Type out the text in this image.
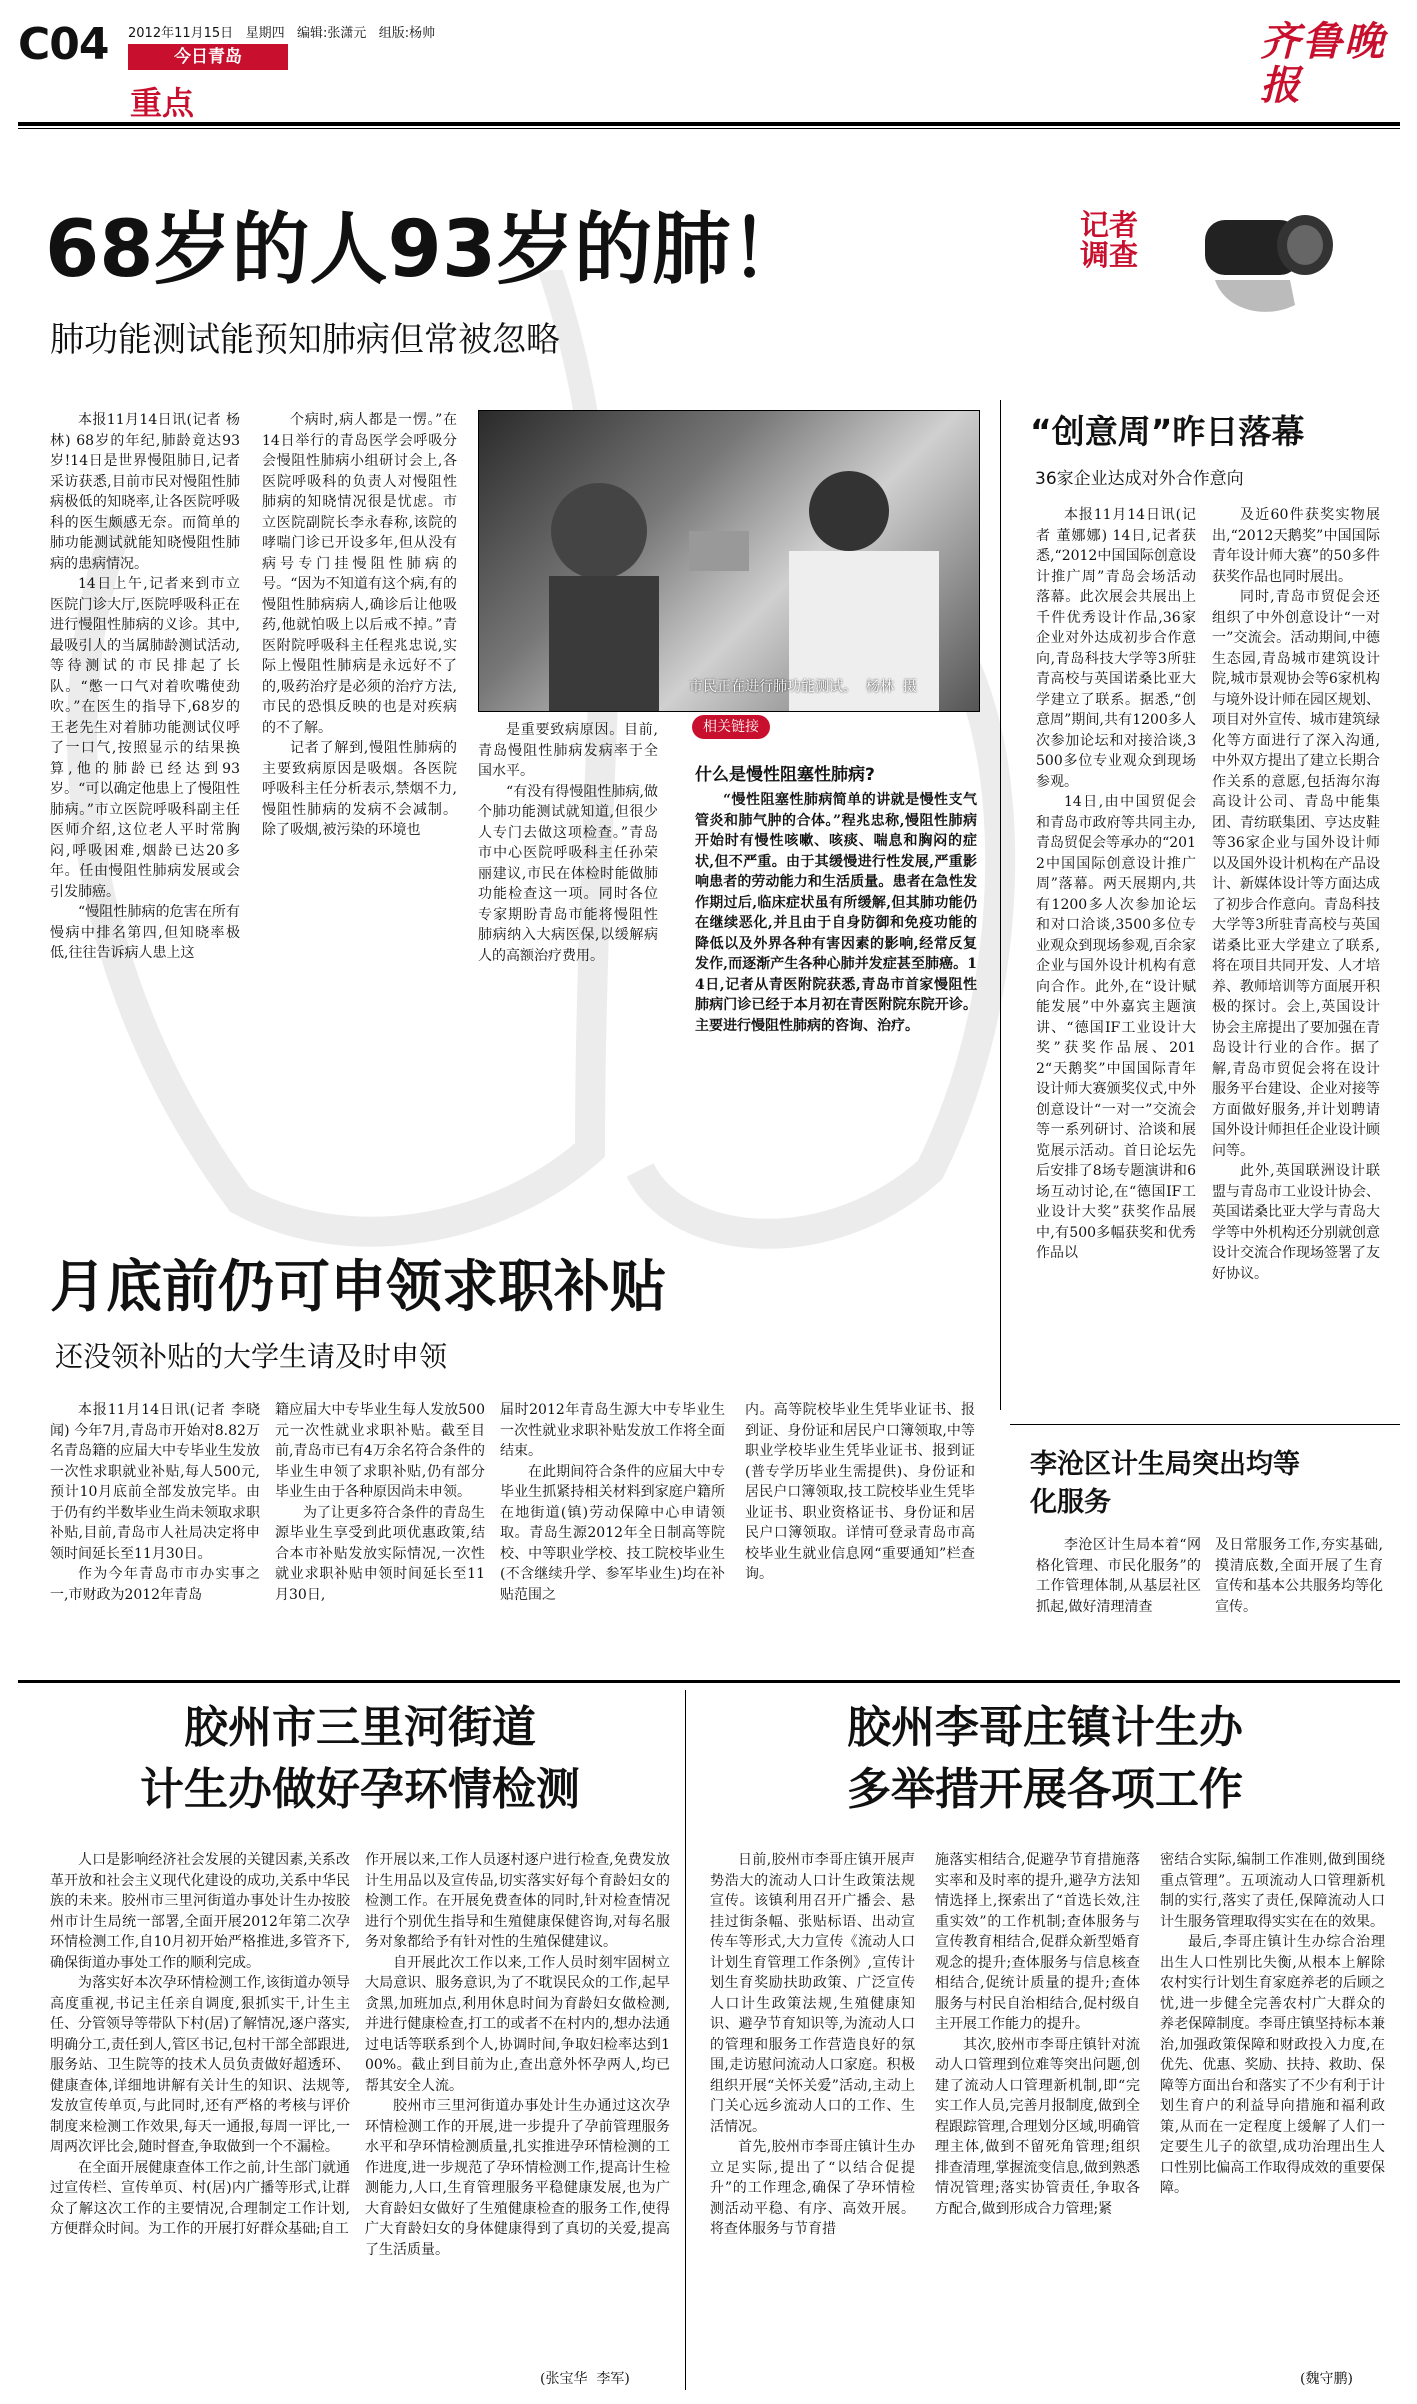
C04 2012年11月15日   星期四   编辑:张潇元   组版:杨帅
今日青岛
重点
齐鲁晚报
68岁的人93岁的肺！
肺功能测试能预知肺病但常被忽略
记者调查

本报11月14日讯(记者 杨林) 68岁的年纪,肺龄竟达93岁!14日是世界慢阻肺日,记者采访获悉,目前市民对慢阻性肺病极低的知晓率,让各医院呼吸科的医生颇感无奈。而简单的肺功能测试就能知晓慢阻性肺病的患病情况。

14日上午,记者来到市立医院门诊大厅,医院呼吸科正在进行慢阻性肺病的义诊。其中,最吸引人的当属肺龄测试活动,等待测试的市民排起了长队。“憋一口气对着吹嘴使劲吹。”在医生的指导下,68岁的王老先生对着肺功能测试仪呼了一口气,按照显示的结果换算,他的肺龄已经达到93岁。“可以确定他患上了慢阻性肺病。”市立医院呼吸科副主任医师介绍,这位老人平时常胸闷,呼吸困难,烟龄已达20多年。任由慢阻性肺病发展或会引发肺癌。

“慢阻性肺病的危害在所有慢病中排名第四,但知晓率极低,往往告诉病人患上这

个病时,病人都是一愣。”在14日举行的青岛医学会呼吸分会慢阻性肺病小组研讨会上,各医院呼吸科的负责人对慢阻性肺病的知晓情况很是忧虑。市立医院副院长李永春称,该院的哮喘门诊已开设多年,但从没有病号专门挂慢阻性肺病的号。“因为不知道有这个病,有的慢阻性肺病病人,确诊后让他吸药,他就怕吸上以后戒不掉。”青医附院呼吸科主任程兆忠说,实际上慢阻性肺病是永远好不了的,吸药治疗是必须的治疗方法,市民的恐惧反映的也是对疾病的不了解。

记者了解到,慢阻性肺病的主要致病原因是吸烟。各医院呼吸科主任分析表示,禁烟不力,慢阻性肺病的发病不会减制。除了吸烟,被污染的环境也

市民正在进行肺功能测试。  杨林  摄

是重要致病原因。目前,青岛慢阻性肺病发病率于全国水平。

“有没有得慢阻性肺病,做个肺功能测试就知道,但很少人专门去做这项检查。”青岛市中心医院呼吸科主任孙荣丽建议,市民在体检时能做肺功能检查这一项。同时各位专家期盼青岛市能将慢阻性肺病纳入大病医保,以缓解病人的高额治疗费用。

相关链接
什么是慢性阻塞性肺病?

“慢性阻塞性肺病简单的讲就是慢性支气管炎和肺气肿的合体。”程兆忠称,慢阻性肺病开始时有慢性咳嗽、咳痰、喘息和胸闷的症状,但不严重。由于其缓慢进行性发展,严重影响患者的劳动能力和生活质量。患者在急性发作期过后,临床症状虽有所缓解,但其肺功能仍在继续恶化,并且由于自身防御和免疫功能的降低以及外界各种有害因素的影响,经常反复发作,而逐渐产生各种心肺并发症甚至肺癌。14日,记者从青医附院获悉,青岛市首家慢阻性肺病门诊已经于本月初在青医附院东院开诊。主要进行慢阻性肺病的咨询、治疗。

“创意周”昨日落幕
36家企业达成对外合作意向

本报11月14日讯(记者 董娜娜) 14日,记者获悉,“2012中国国际创意设计推广周”青岛会场活动落幕。此次展会共展出上千件优秀设计作品,36家企业对外达成初步合作意向,青岛科技大学等3所驻青高校与英国诺桑比亚大学建立了联系。据悉,“创意周”期间,共有1200多人次参加论坛和对接洽谈,3500多位专业观众到现场参观。

14日,由中国贸促会和青岛市政府等共同主办,青岛贸促会等承办的“2012中国国际创意设计推广周”落幕。两天展期内,共有1200多人次参加论坛和对口洽谈,3500多位专业观众到现场参观,百余家企业与国外设计机构有意向合作。此外,在“设计赋能发展”中外嘉宾主题演讲、“德国IF工业设计大奖”获奖作品展、2012“天鹅奖”中国国际青年设计师大赛颁奖仪式,中外创意设计“一对一”交流会等一系列研讨、洽谈和展览展示活动。首日论坛先后安排了8场专题演讲和6场互动讨论,在“德国IF工业设计大奖”获奖作品展中,有500多幅获奖和优秀作品以

及近60件获奖实物展出,“2012天鹅奖”中国国际青年设计师大赛”的50多件获奖作品也同时展出。

同时,青岛市贸促会还组织了中外创意设计“一对一”交流会。活动期间,中德生态园,青岛城市建筑设计院,城市景观协会等6家机构与境外设计师在园区规划、项目对外宣传、城市建筑绿化等方面进行了深入沟通,中外双方提出了建立长期合作关系的意愿,包括海尔海高设计公司、青岛中能集团、青纺联集团、亨达皮鞋等36家企业与国外设计师以及国外设计机构在产品设计、新媒体设计等方面达成了初步合作意向。青岛科技大学等3所驻青高校与英国诺桑比亚大学建立了联系,将在项目共同开发、人才培养、教师培训等方面展开积极的探讨。会上,英国设计协会主席提出了要加强在青岛设计行业的合作。据了解,青岛市贸促会将在设计服务平台建设、企业对接等方面做好服务,并计划聘请国外设计师担任企业设计顾问等。

此外,英国联洲设计联盟与青岛市工业设计协会、英国诺桑比亚大学与青岛大学等中外机构还分别就创意设计交流合作现场签署了友好协议。

李沧区计生局突出均等化服务

李沧区计生局本着“网格化管理、市民化服务”的工作管理体制,从基层社区抓起,做好清理清查

及日常服务工作,夯实基础,摸清底数,全面开展了生育宣传和基本公共服务均等化宣传。

月底前仍可申领求职补贴
还没领补贴的大学生请及时申领

本报11月14日讯(记者 李晓闻) 今年7月,青岛市开始对8.82万名青岛籍的应届大中专毕业生发放一次性求职就业补贴,每人500元,预计10月底前全部发放完毕。由于仍有约半数毕业生尚未领取求职补贴,目前,青岛市人社局决定将申领时间延长至11月30日。

作为今年青岛市市办实事之一,市财政为2012年青岛

籍应届大中专毕业生每人发放500元一次性就业求职补贴。截至目前,青岛市已有4万余名符合条件的毕业生申领了求职补贴,仍有部分毕业生由于各种原因尚未申领。

为了让更多符合条件的青岛生源毕业生享受到此项优惠政策,结合本市补贴发放实际情况,一次性就业求职补贴申领时间延长至11月30日,

届时2012年青岛生源大中专毕业生一次性就业求职补贴发放工作将全面结束。

在此期间符合条件的应届大中专毕业生抓紧持相关材料到家庭户籍所在地街道(镇)劳动保障中心申请领取。青岛生源2012年全日制高等院校、中等职业学校、技工院校毕业生(不含继续升学、参军毕业生)均在补贴范围之

内。高等院校毕业生凭毕业证书、报到证、身份证和居民户口簿领取,中等职业学校毕业生凭毕业证书、报到证(普专学历毕业生需提供)、身份证和居民户口簿领取,技工院校毕业生凭毕业证书、职业资格证书、身份证和居民户口簿领取。详情可登录青岛市高校毕业生就业信息网“重要通知”栏查询。

胶州市三里河街道
计生办做好孕环情检测

人口是影响经济社会发展的关键因素,关系改革开放和社会主义现代化建设的成功,关系中华民族的未来。胶州市三里河街道办事处计生办按胶州市计生局统一部署,全面开展2012年第二次孕环情检测工作,自10月初开始严格推进,多管齐下,确保街道办事处工作的顺利完成。

为落实好本次孕环情检测工作,该街道办领导高度重视,书记主任亲自调度,狠抓实干,计生主任、分管领导等带队下村(居)了解情况,逐户落实,明确分工,责任到人,管区书记,包村干部全部跟进,服务站、卫生院等的技术人员负责做好超透环、健康查体,详细地讲解有关计生的知识、法规等,发放宣传单页,与此同时,还有严格的考核与评价制度来检测工作效果,每天一通报,每周一评比,一周两次评比会,随时督查,争取做到一个不漏检。

在全面开展健康查体工作之前,计生部门就通过宣传栏、宣传单页、村(居)内广播等形式,让群众了解这次工作的主要情况,合理制定工作计划,方便群众时间。为工作的开展打好群众基础;自工

作开展以来,工作人员逐村逐户进行检查,免费发放计生用品以及宣传品,切实落实好每个育龄妇女的检测工作。在开展免费查体的同时,针对检查情况进行个别优生指导和生殖健康保健咨询,对每名服务对象都给予有针对性的生殖保健建议。

自开展此次工作以来,工作人员时刻牢固树立大局意识、服务意识,为了不耽误民众的工作,起早贪黑,加班加点,利用休息时间为育龄妇女做检测,并进行健康检查,打工的或者不在村内的,想办法通过电话等联系到个人,协调时间,争取妇检率达到100%。截止到目前为止,查出意外怀孕两人,均已帮其安全人流。

胶州市三里河街道办事处计生办通过这次孕环情检测工作的开展,进一步提升了孕前管理服务水平和孕环情检测质量,扎实推进孕环情检测的工作进度,进一步规范了孕环情检测工作,提高计生检测能力,人口,生育管理服务平稳健康发展,也为广大育龄妇女做好了生殖健康检查的服务工作,使得广大育龄妇女的身体健康得到了真切的关爱,提高了生活质量。

(张宝华  李军)
胶州李哥庄镇计生办
多举措开展各项工作

日前,胶州市李哥庄镇开展声势浩大的流动人口计生政策法规宣传。该镇利用召开广播会、悬挂过街条幅、张贴标语、出动宣传车等形式,大力宣传《流动人口计划生育管理工作条例》,宣传计划生育奖励扶助政策、广泛宣传人口计生政策法规,生殖健康知识、避孕节育知识等,为流动人口的管理和服务工作营造良好的氛围,走访慰问流动人口家庭。积极组织开展“关怀关爱”活动,主动上门关心远乡流动人口的工作、生活情况。

首先,胶州市李哥庄镇计生办立足实际,提出了“以结合促提升”的工作理念,确保了孕环情检测活动平稳、有序、高效开展。将查体服务与节育措

施落实相结合,促避孕节育措施落实率和及时率的提升,避孕方法知情选择上,探索出了“首选长效,注重实效”的工作机制;查体服务与宣传教育相结合,促群众新型婚育观念的提升;查体服务与信息核查相结合,促统计质量的提升;查体服务与村民自治相结合,促村级自主开展工作能力的提升。

其次,胶州市李哥庄镇针对流动人口管理到位难等突出问题,创建了流动人口管理新机制,即“完实工作人员,完善月报制度,做到全程跟踪管理,合理划分区域,明确管理主体,做到不留死角管理;组织排查清理,掌握流变信息,做到熟悉情况管理;落实协管责任,争取各方配合,做到形成合力管理;紧

密结合实际,编制工作准则,做到围绕重点管理”。五项流动人口管理新机制的实行,落实了责任,保障流动人口计生服务管理取得实实在在的效果。

最后,李哥庄镇计生办综合治理出生人口性别比失衡,从根本上解除农村实行计划生育家庭养老的后顾之忧,进一步健全完善农村广大群众的养老保障制度。李哥庄镇坚持标本兼治,加强政策保障和财政投入力度,在优先、优惠、奖励、扶持、救助、保障等方面出台和落实了不少有利于计划生育户的利益导向措施和福利政策,从而在一定程度上缓解了人们一定要生儿子的欲望,成功治理出生人口性别比偏高工作取得成效的重要保障。

(魏守鹏)
